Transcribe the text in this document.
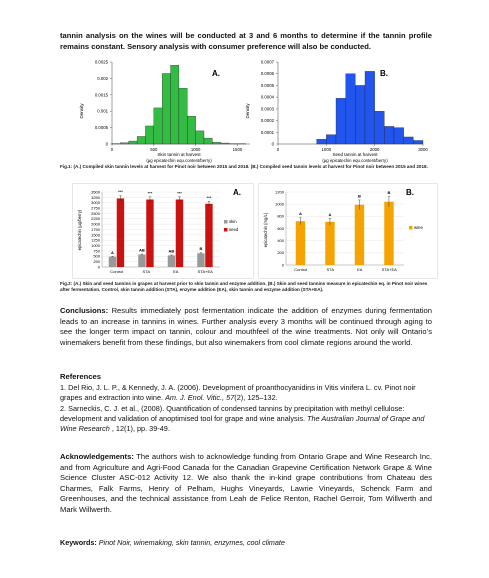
tannin analysis on the wines will be conducted at 3 and 6 months to determine if the tannin profile remains constant. Sensory analysis with consumer preference will also be conducted.
A.
Density
Skin tannin at harvest
(µg epicatechin equ.content/berry)
0
0.0005
0.001
0.0015
0.002
0.0025
0	500	1000	1500
B.
Density
Seed tannin at harvest
(µg epicatechin equ.content/berry)
0
0.0001
0.0002
0.0003
0.0004
0.0005
0.0006
0.0007
0	1000	2000	3000
Fig.1: (A.) Compiled skin tannin levels at harvest for Pinot noir between 2015 and 2018. (B.) Compiled seed tannin levels at harvest for Pinot noir between 2015 and 2018.
A.
epicatechin (µg/berry)
0
250
500
750
1000
1250
1500
1750
2000
2250
2500
2750
3000
3250
3500
Control
A
***
STA
AB
***
EA
AB
***
STA+EA
B
***
skin
seed
B.
epicatechin (mg/L)
0
200
400
600
800
1000
1200
Control
A
STA
A
EA
B
STA+EA
B
wine
Fig.2: (A.) Skin and seed tannins in grapes at harvest prior to skin tannin and enzyme addition. (B.) Skin and seed tannins measure in epicatechin eq. in Pinot noir wines after fermentation. Control, skin tannin addition (STA), enzyme addition (EA), skin tannin and enzyme addition (STA+EA).
Conclusions: Results immediately post fermentation indicate the addition of enzymes during fermentation leads to an increase in tannins in wines. Further analysis every 3 months will be continued through aging to see the longer term impact on tannin, colour and mouthfeel of the wine treatments. Not only will Ontario’s winemakers benefit from these findings, but also winemakers from cool climate regions around the world.
References
1. Del Rio, J. L. P., & Kennedy, J. A. (2006). Development of proanthocyanidins in Vitis vinifera L. cv. Pinot noir grapes and extraction into wine. Am. J. Enol. Vitic., 57(2), 125–132.
2. Sarneckis, C. J. et al., (2008). Quantification of condensed tannins by precipitation with methyl cellulose: development and validation of anoptimised tool for grape and wine analysis. The Australian Journal of Grape and Wine Research , 12(1), pp. 39-49.
Acknowledgements: The authors wish to acknowledge funding from Ontario Grape and Wine Research Inc. and from Agriculture and Agri-Food Canada for the Canadian Grapevine Certification Network Grape & Wine Science Cluster ASC-012 Activity 12. We also thank the in-kind grape contributions from Chateau des Charmes, Falk Farms, Henry of Pelham, Hughs Vineyards, Lawrie Vineyards, Schenck Farm and Greenhouses, and the technical assistance from Leah de Felice Renton, Rachel Gerroir, Tom Willwerth and Mark Willwerth.
Keywords: Pinot Noir, winemaking, skin tannin, enzymes, cool climate
